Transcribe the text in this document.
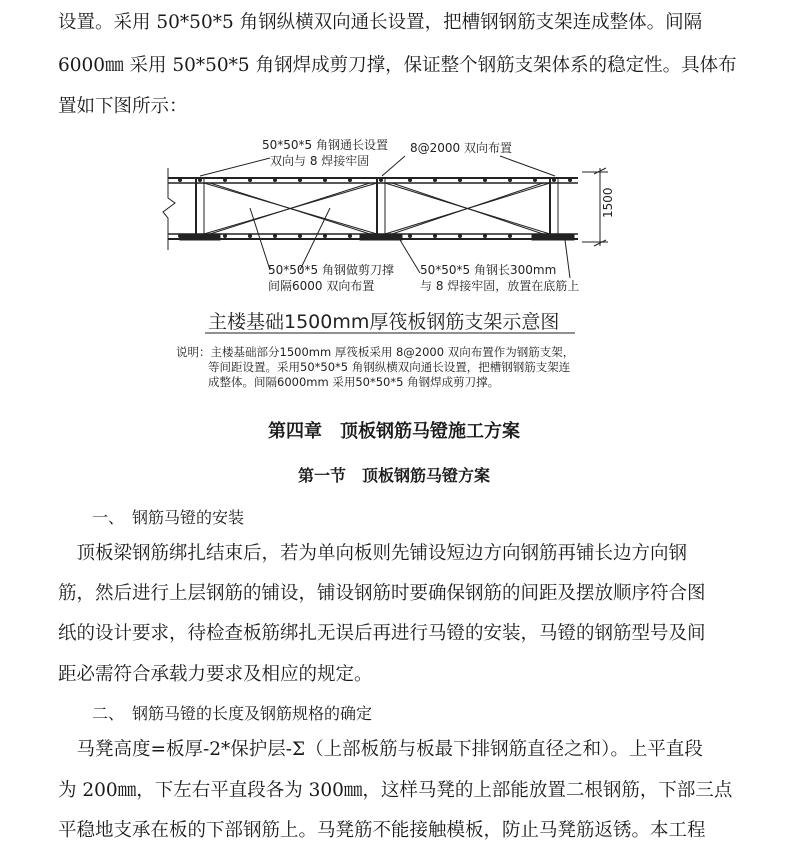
设置。采用 50*50*5 角钢纵横双向通长设置，把槽钢钢筋支架连成整体。间隔
6000㎜ 采用 50*50*5 角钢焊成剪刀撑，保证整个钢筋支架体系的稳定性。具体布
置如下图所示：
50*50*5 角钢通长设置
双向与 8 焊接牢固
8@2000 双向布置
1500
50*50*5 角钢做剪刀撑
间隔6000 双向布置
50*50*5 角钢长300mm
与 8 焊接牢固，放置在底筋上
主楼基础1500mm厚筏板钢筋支架示意图
说明：主楼基础部分1500mm 厚筏板采用 8@2000 双向布置作为钢筋支架，
等间距设置。采用50*50*5 角钢纵横双向通长设置，把槽钢钢筋支架连
成整体。间隔6000mm 采用50*50*5 角钢焊成剪刀撑。
第四章　顶板钢筋马镫施工方案
第一节　顶板钢筋马镫方案
一、　钢筋马镫的安装
　顶板梁钢筋绑扎结束后，若为单向板则先铺设短边方向钢筋再铺长边方向钢
筋，然后进行上层钢筋的铺设，铺设钢筋时要确保钢筋的间距及摆放顺序符合图
纸的设计要求，待检查板筋绑扎无误后再进行马镫的安装，马镫的钢筋型号及间
距必需符合承载力要求及相应的规定。
二、　钢筋马镫的长度及钢筋规格的确定
　马凳高度=板厚-2*保护层-Σ（上部板筋与板最下排钢筋直径之和）。上平直段
为 200㎜，下左右平直段各为 300㎜，这样马凳的上部能放置二根钢筋，下部三点
平稳地支承在板的下部钢筋上。马凳筋不能接触模板，防止马凳筋返锈。本工程
